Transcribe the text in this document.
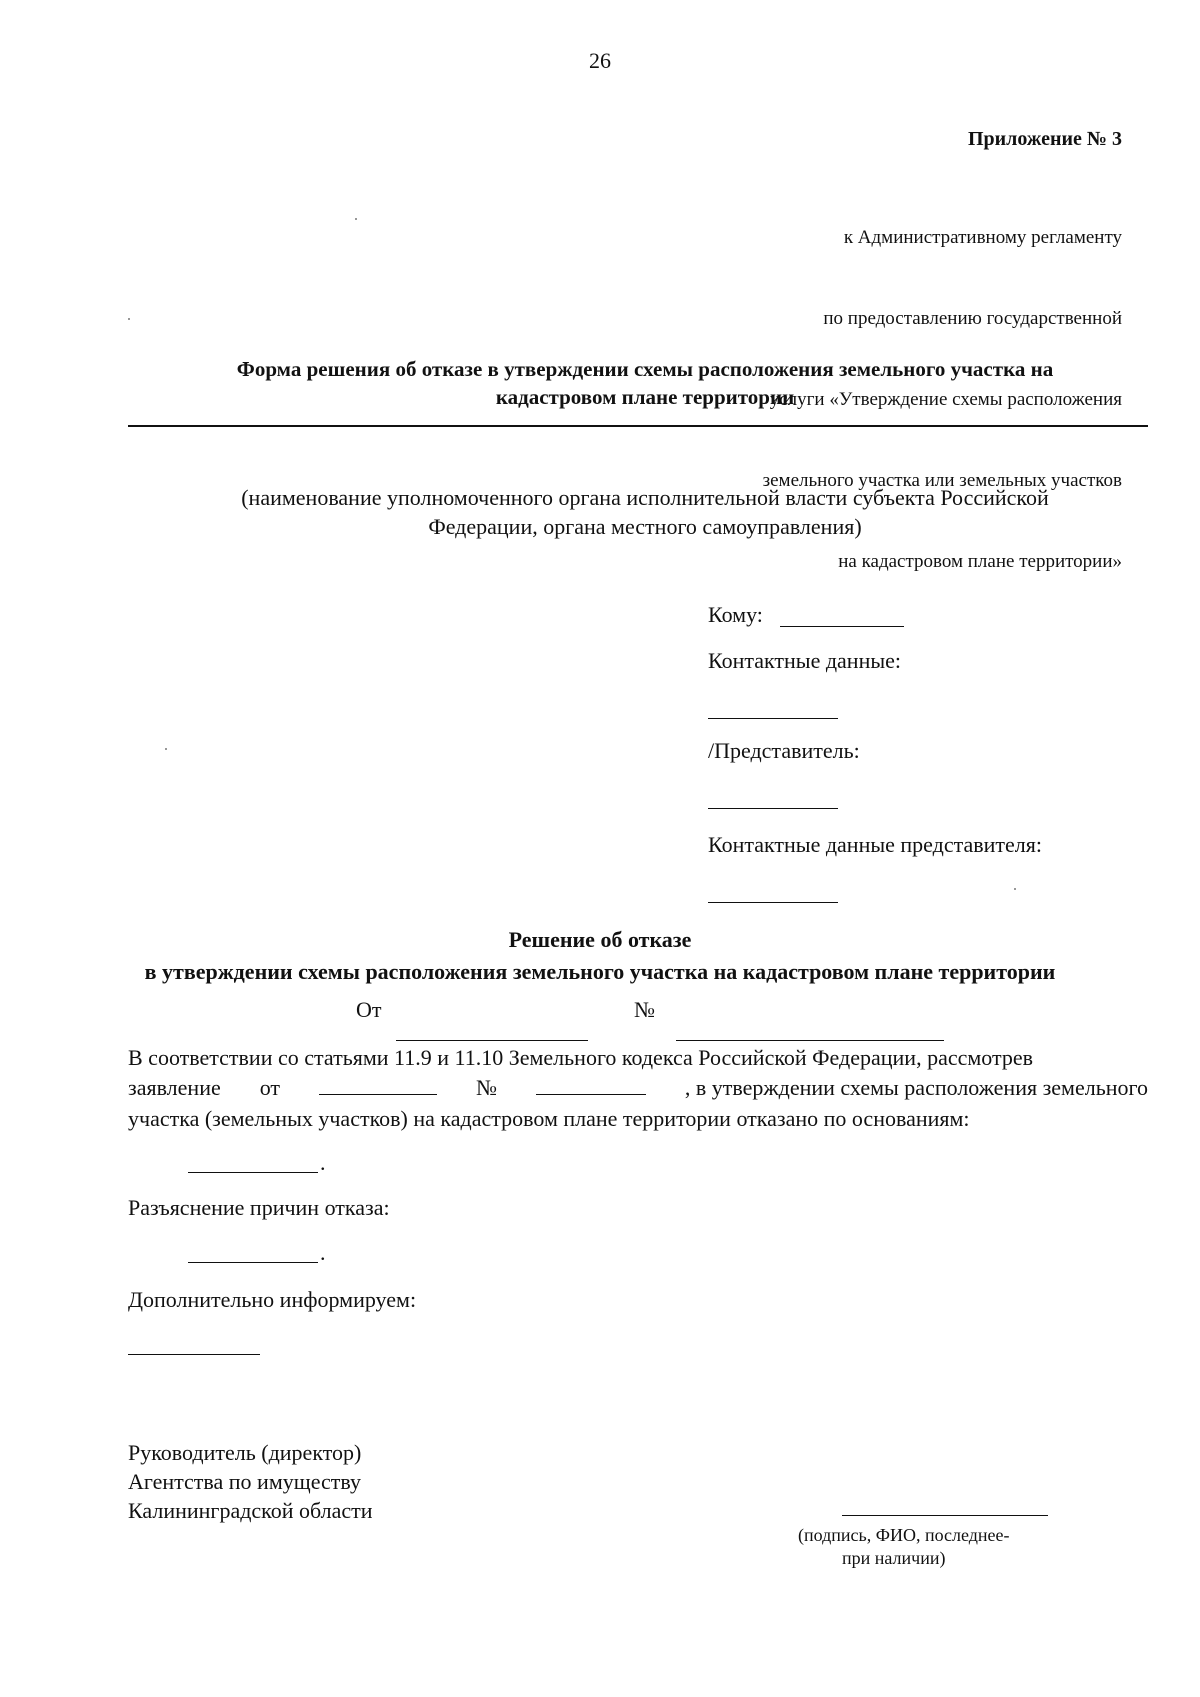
26
Приложение № 3

к Административному регламенту

по предоставлению государственной

услуги «Утверждение схемы расположения

земельного участка или земельных участков

на кадастровом плане территории»

Форма решения об отказе в утверждении схемы расположения земельного участка на
кадастровом плане территории
(наименование уполномоченного органа исполнительной власти субъекта Российской
Федерации, органа местного самоуправления)
Кому:
Контактные данные:
/Представитель:
Контактные данные представителя:
Решение об отказе
в утверждении схемы расположения земельного участка на кадастровом плане территории
От	№
В соответствии со статьями 11.9 и 11.10 Земельного кодекса Российской Федерации, рассмотрев
заявление от	№	, в утверждении схемы расположения земельного
участка (земельных участков) на кадастровом плане территории отказано по основаниям:
.
Разъяснение причин отказа:
.
Дополнительно информируем:
Руководитель (директор)
Агентства по имуществу
Калининградской области
(подпись, ФИО, последнее-
при наличии)
